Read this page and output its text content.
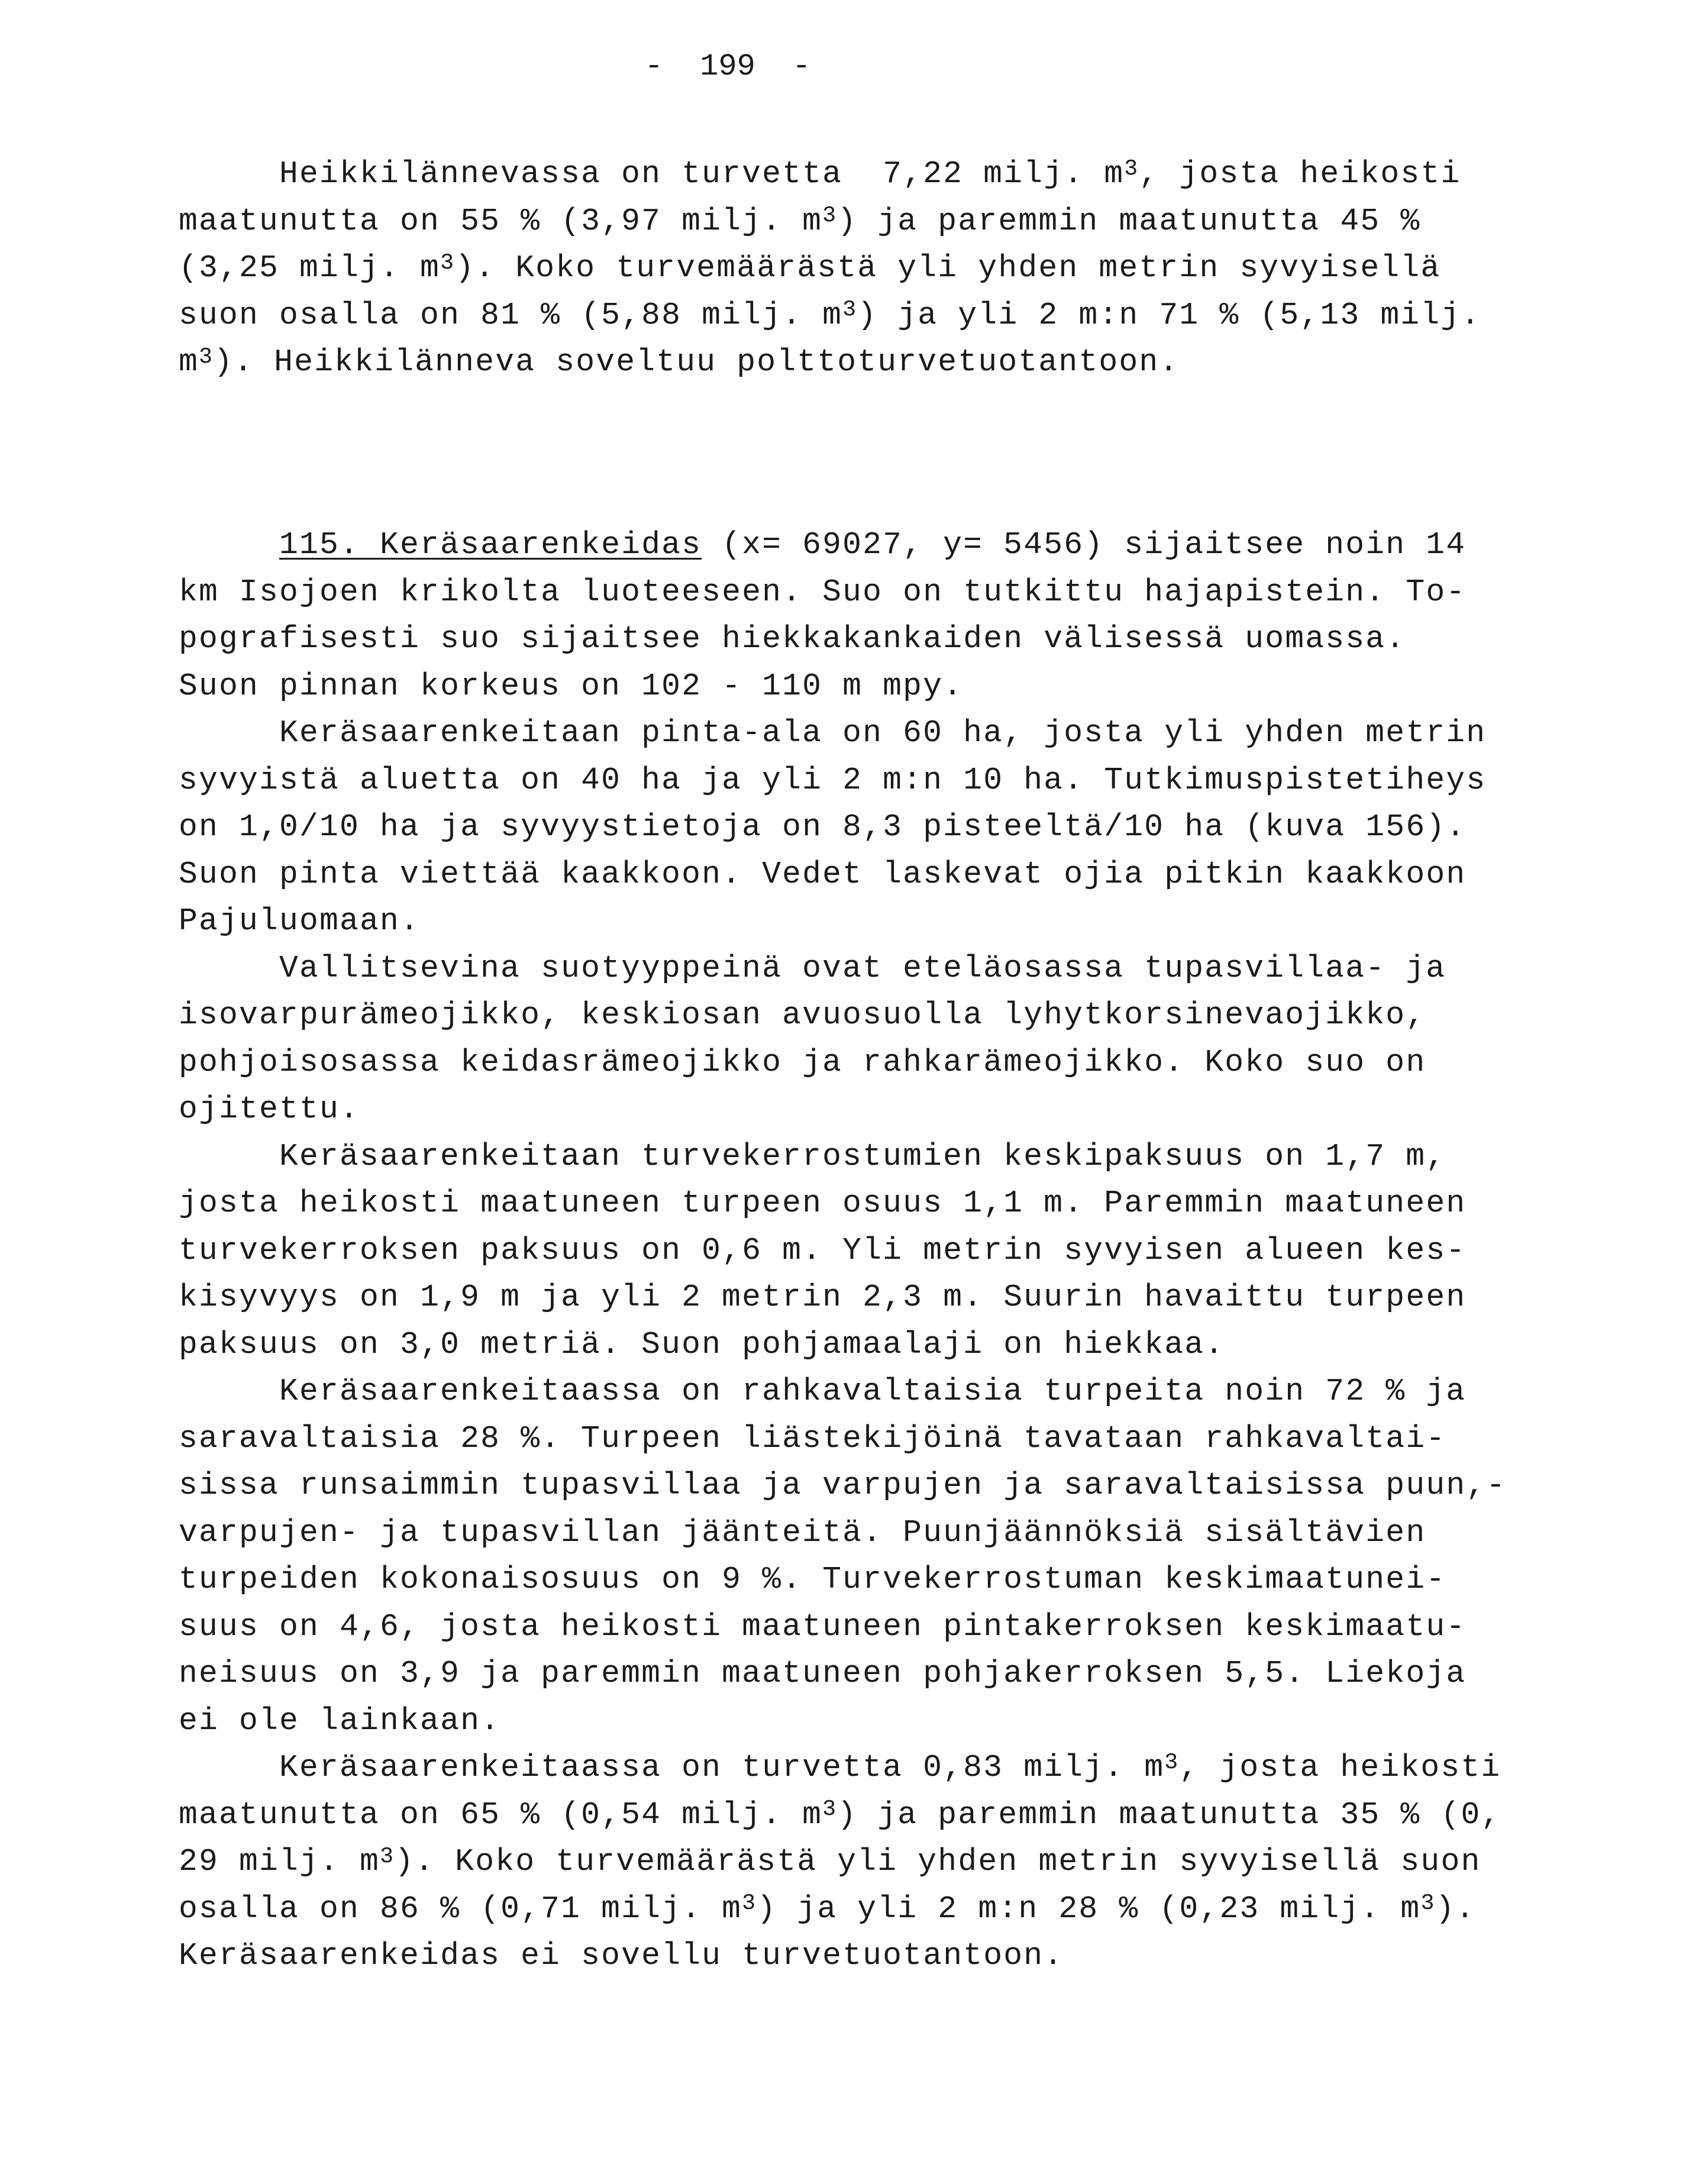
-  199  -
Heikkilännevassa on turvetta  7,22 milj. $m^3$, josta heikosti
maatunutta on 55 % (3,97 milj. $m^3$) ja paremmin maatunutta 45 %
(3,25 milj. $m^3$). Koko turvemäärästä yli yhden metrin syvyisellä
suon osalla on 81 % (5,88 milj. $m^3$) ja yli 2 m:n 71 % (5,13 milj.
$m^3$). Heikkilänneva soveltuu polttoturvetuotantoon.
115. Keräsaarenkeidas (x= 69027, y= 5456) sijaitsee noin 14
km Isojoen krikolta luoteeseen. Suo on tutkittu hajapistein. To-
pografisesti suo sijaitsee hiekkakankaiden välisessä uomassa.
Suon pinnan korkeus on 102 - 110 m mpy.
Keräsaarenkeitaan pinta-ala on 60 ha, josta yli yhden metrin
syvyistä aluetta on 40 ha ja yli 2 m:n 10 ha. Tutkimuspistetiheys
on 1,0/10 ha ja syvyystietoja on 8,3 pisteeltä/10 ha (kuva 156).
Suon pinta viettää kaakkoon. Vedet laskevat ojia pitkin kaakkoon
Pajuluomaan.
Vallitsevina suotyyppeinä ovat eteläosassa tupasvillaa- ja
isovarpurämeojikko, keskiosan avuosuolla lyhytkorsinevaojikko,
pohjoisosassa keidasrämeojikko ja rahkarämeojikko. Koko suo on
ojitettu.
Keräsaarenkeitaan turvekerrostumien keskipaksuus on 1,7 m,
josta heikosti maatuneen turpeen osuus 1,1 m. Paremmin maatuneen
turvekerroksen paksuus on 0,6 m. Yli metrin syvyisen alueen kes-
kisyvyys on 1,9 m ja yli 2 metrin 2,3 m. Suurin havaittu turpeen
paksuus on 3,0 metriä. Suon pohjamaalaji on hiekkaa.
Keräsaarenkeitaassa on rahkavaltaisia turpeita noin 72 % ja
saravaltaisia 28 %. Turpeen liästekijöinä tavataan rahkavaltai-
sissa runsaimmin tupasvillaa ja varpujen ja saravaltaisissa puun,-
varpujen- ja tupasvillan jäänteitä. Puunjäännöksiä sisältävien
turpeiden kokonaisosuus on 9 %. Turvekerrostuman keskimaatunei-
suus on 4,6, josta heikosti maatuneen pintakerroksen keskimaatu-
neisuus on 3,9 ja paremmin maatuneen pohjakerroksen 5,5. Liekoja
ei ole lainkaan.
Keräsaarenkeitaassa on turvetta 0,83 milj. $m^3$, josta heikosti
maatunutta on 65 % (0,54 milj. $m^3$) ja paremmin maatunutta 35 % (0,
29 milj. $m^3$). Koko turvemäärästä yli yhden metrin syvyisellä suon
osalla on 86 % (0,71 milj. $m^3$) ja yli 2 m:n 28 % (0,23 milj. $m^3$).
Keräsaarenkeidas ei sovellu turvetuotantoon.
